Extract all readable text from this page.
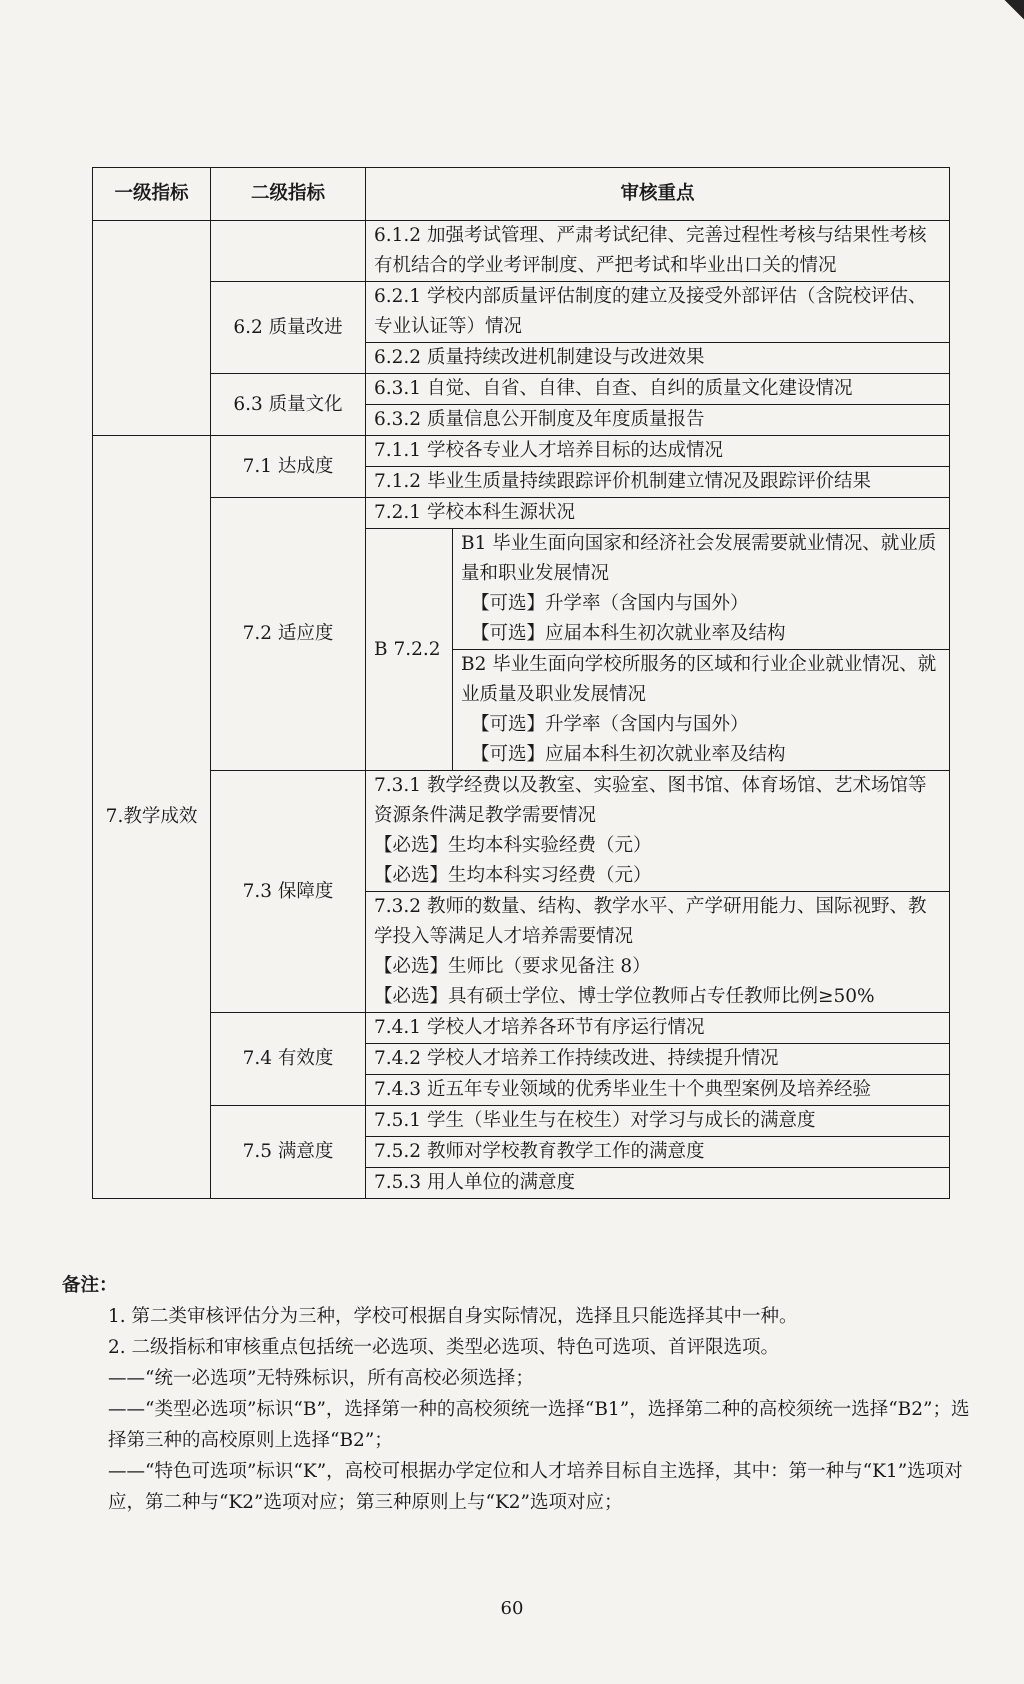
一级指标	二级指标	审核重点	
		6.1.2 加强考试管理、严肃考试纪律、完善过程性考核与结果性考核有机结合的学业考评制度、严把考试和毕业出口关的情况	
	6.2 质量改进	6.2.1 学校内部质量评估制度的建立及接受外部评估（含院校评估、专业认证等）情况	
		6.2.2 质量持续改进机制建设与改进效果	
	6.3 质量文化	6.3.1 自觉、自省、自律、自查、自纠的质量文化建设情况	
		6.3.2 质量信息公开制度及年度质量报告	
7.教学成效	7.1 达成度	7.1.1 学校各专业人才培养目标的达成情况	
		7.1.2 毕业生质量持续跟踪评价机制建立情况及跟踪评价结果	
	7.2 适应度	7.2.1 学校本科生源状况	
		B 7.2.2	B1 毕业生面向国家和经济社会发展需要就业情况、就业质量和职业发展情况
【可选】升学率（含国内与国外）
【可选】应届本科生初次就业率及结构

			B2 毕业生面向学校所服务的区域和行业企业就业情况、就业质量及职业发展情况
【可选】升学率（含国内与国外）
【可选】应届本科生初次就业率及结构

	7.3 保障度	7.3.1 教学经费以及教室、实验室、图书馆、体育场馆、艺术场馆等资源条件满足教学需要情况
【必选】生均本科实验经费（元）
【必选】生均本科实习经费（元）	

		7.3.2 教师的数量、结构、教学水平、产学研用能力、国际视野、教学投入等满足人才培养需要情况
【必选】生师比（要求见备注 8）
【必选】具有硕士学位、博士学位教师占专任教师比例≥50%	

	7.4 有效度	7.4.1 学校人才培养各环节有序运行情况	
		7.4.2 学校人才培养工作持续改进、持续提升情况	
		7.4.3 近五年专业领域的优秀毕业生十个典型案例及培养经验	
	7.5 满意度	7.5.1 学生（毕业生与在校生）对学习与成长的满意度	
		7.5.2 教师对学校教育教学工作的满意度	
		7.5.3 用人单位的满意度	
备注：
1. 第二类审核评估分为三种，学校可根据自身实际情况，选择且只能选择其中一种。
2. 二级指标和审核重点包括统一必选项、类型必选项、特色可选项、首评限选项。
——“统一必选项”无特殊标识，所有高校必须选择；
——“类型必选项”标识“B”，选择第一种的高校须统一选择“B1”，选择第二种的高校须统一选择“B2”；选择第三种的高校原则上选择“B2”；
——“特色可选项”标识“K”，高校可根据办学定位和人才培养目标自主选择，其中：第一种与“K1”选项对应，第二种与“K2”选项对应；第三种原则上与“K2”选项对应；
60
